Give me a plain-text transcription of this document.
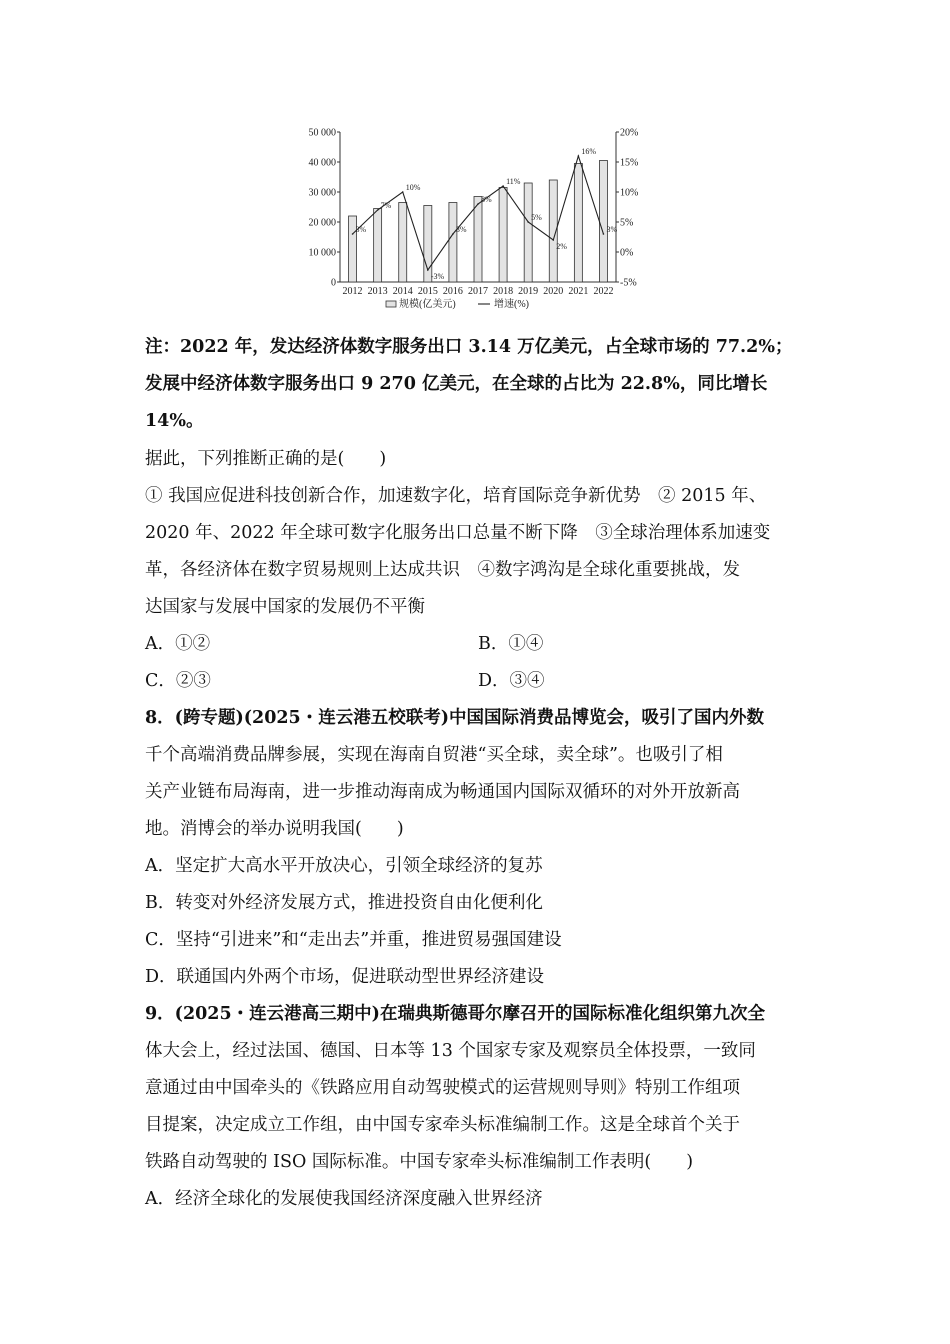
50 000
40 000
30 000
20 000
10 000
0
20%
15%
10%
5%
0%
-5%
2012 2013 2014 2015 2016 2017 2018 2019 2020 2021 2022
3%
7%
10%
-3%
3%
8%
11%
5%
2%
16%
3%
规模(亿美元)	增速(%)
注：2022 年，发达经济体数字服务出口 3.14 万亿美元，占全球市场的 77.2%；
发展中经济体数字服务出口 9 270 亿美元，在全球的占比为 22.8%，同比增长
14%。
据此，下列推断正确的是(　　)
① 我国应促进科技创新合作，加速数字化，培育国际竞争新优势　② 2015 年、
2020 年、2022 年全球可数字化服务出口总量不断下降　③全球治理体系加速变
革，各经济体在数字贸易规则上达成共识　④数字鸿沟是全球化重要挑战，发
达国家与发展中国家的发展仍不平衡
A．①②	B．①④
C．②③	D．③④
8．(跨专题)(2025・连云港五校联考)中国国际消费品博览会，吸引了国内外数
千个高端消费品牌参展，实现在海南自贸港“买全球，卖全球”。也吸引了相
关产业链布局海南，进一步推动海南成为畅通国内国际双循环的对外开放新高
地。消博会的举办说明我国(　　)
A．坚定扩大高水平开放决心，引领全球经济的复苏
B．转变对外经济发展方式，推进投资自由化便利化
C．坚持“引进来”和“走出去”并重，推进贸易强国建设
D．联通国内外两个市场，促进联动型世界经济建设
9．(2025・连云港高三期中)在瑞典斯德哥尔摩召开的国际标准化组织第九次全
体大会上，经过法国、德国、日本等 13 个国家专家及观察员全体投票，一致同
意通过由中国牵头的《铁路应用自动驾驶模式的运营规则导则》特别工作组项
目提案，决定成立工作组，由中国专家牵头标准编制工作。这是全球首个关于
铁路自动驾驶的 ISO 国际标准。中国专家牵头标准编制工作表明(　　)
A．经济全球化的发展使我国经济深度融入世界经济
